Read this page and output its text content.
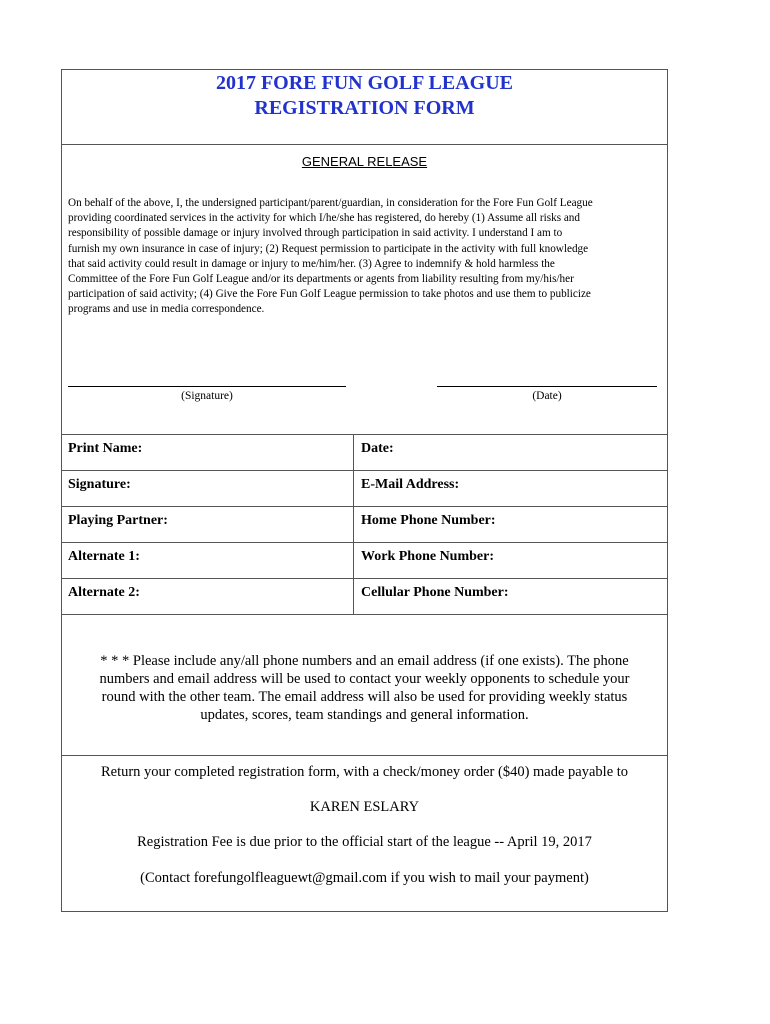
2017 FORE FUN GOLF LEAGUE
REGISTRATION FORM
GENERAL RELEASE
On behalf of the above, I, the undersigned participant/parent/guardian, in consideration for the Fore Fun Golf League
providing coordinated services in the activity for which I/he/she has registered, do hereby (1) Assume all risks and
responsibility of possible damage or injury involved through participation in said activity. I understand I am to
furnish my own insurance in case of injury; (2) Request permission to participate in the activity with full knowledge
that said activity could result in damage or injury to me/him/her. (3) Agree to indemnify & hold harmless the
Committee of the Fore Fun Golf League and/or its departments or agents from liability resulting from my/his/her
participation of said activity; (4) Give the Fore Fun Golf League permission to take photos and use them to publicize
programs and use in media correspondence.
(Signature)	(Date)
Print Name:	Date:
Signature:	E-Mail Address:
Playing Partner:	Home Phone Number:
Alternate 1:	Work Phone Number:
Alternate 2:	Cellular Phone Number:

* * * Please include any/all phone numbers and an email address (if one exists). The phone

numbers and email address will be used to contact your weekly opponents to schedule your

round with the other team. The email address will also be used for providing weekly status

updates, scores, team standings and general information.

Return your completed registration form, with a check/money order ($40) made payable to
KAREN ESLARY
Registration Fee is due prior to the official start of the league -- April 19, 2017
(Contact forefungolfleaguewt@gmail.com if you wish to mail your payment)
